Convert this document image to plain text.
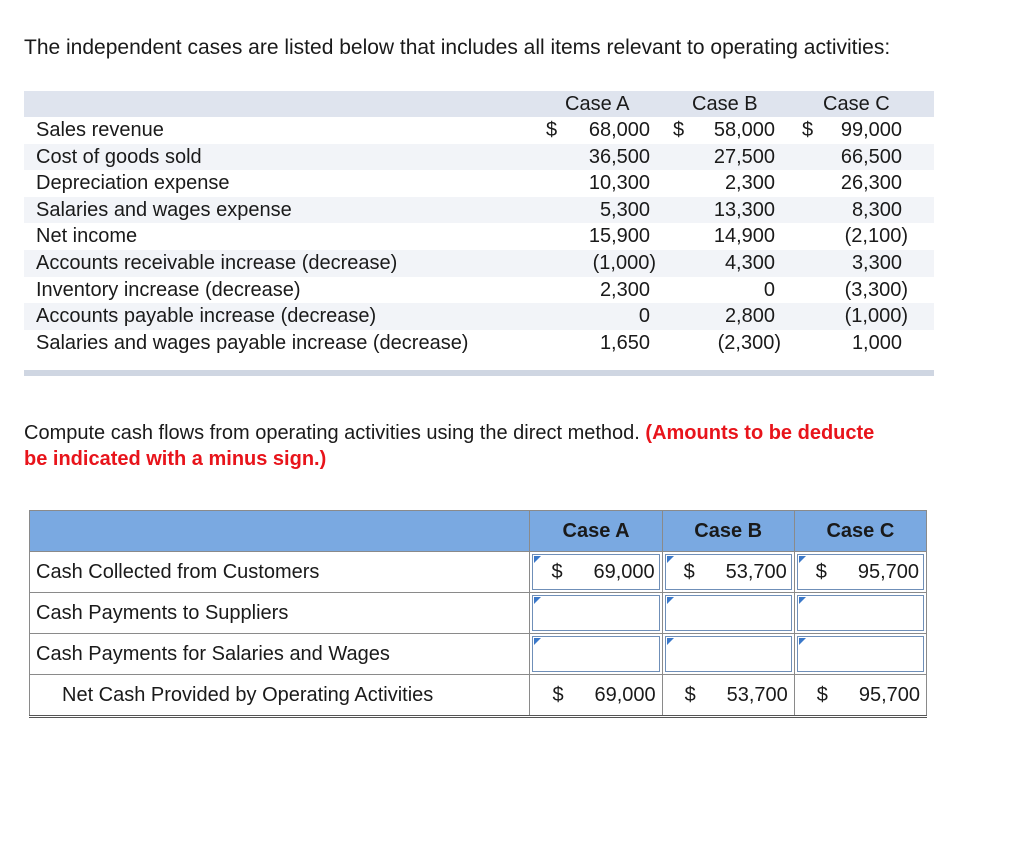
The independent cases are listed below that includes all items relevant to operating activities:
Case A	Case B	Case C
Sales revenue	$ 68,000 $ 58,000 $ 99,000
Cost of goods sold	36,500	27,500	66,500
Depreciation expense	10,300	2,300	26,300
Salaries and wages expense	5,300	13,300	8,300
Net income	15,900	14,900	(2,100)
Accounts receivable increase (decrease)	(1,000)	4,300	3,300
Inventory increase (decrease)	2,300	0	(3,300)
Accounts payable increase (decrease)	0	2,800	(1,000)
Salaries and wages payable increase (decrease)	1,650	(2,300)	1,000
Compute cash flows from operating activities using the direct method. (Amounts to be deducte
be indicated with a minus sign.)
	Case A	Case B	Case C
Cash Collected from Customers	$ 69,000	$ 53,700	$ 95,700

Cash Payments to Suppliers	

Cash Payments for Salaries and Wages	

Net Cash Provided by Operating Activities	$ 69,000	$ 53,700	$ 95,700
